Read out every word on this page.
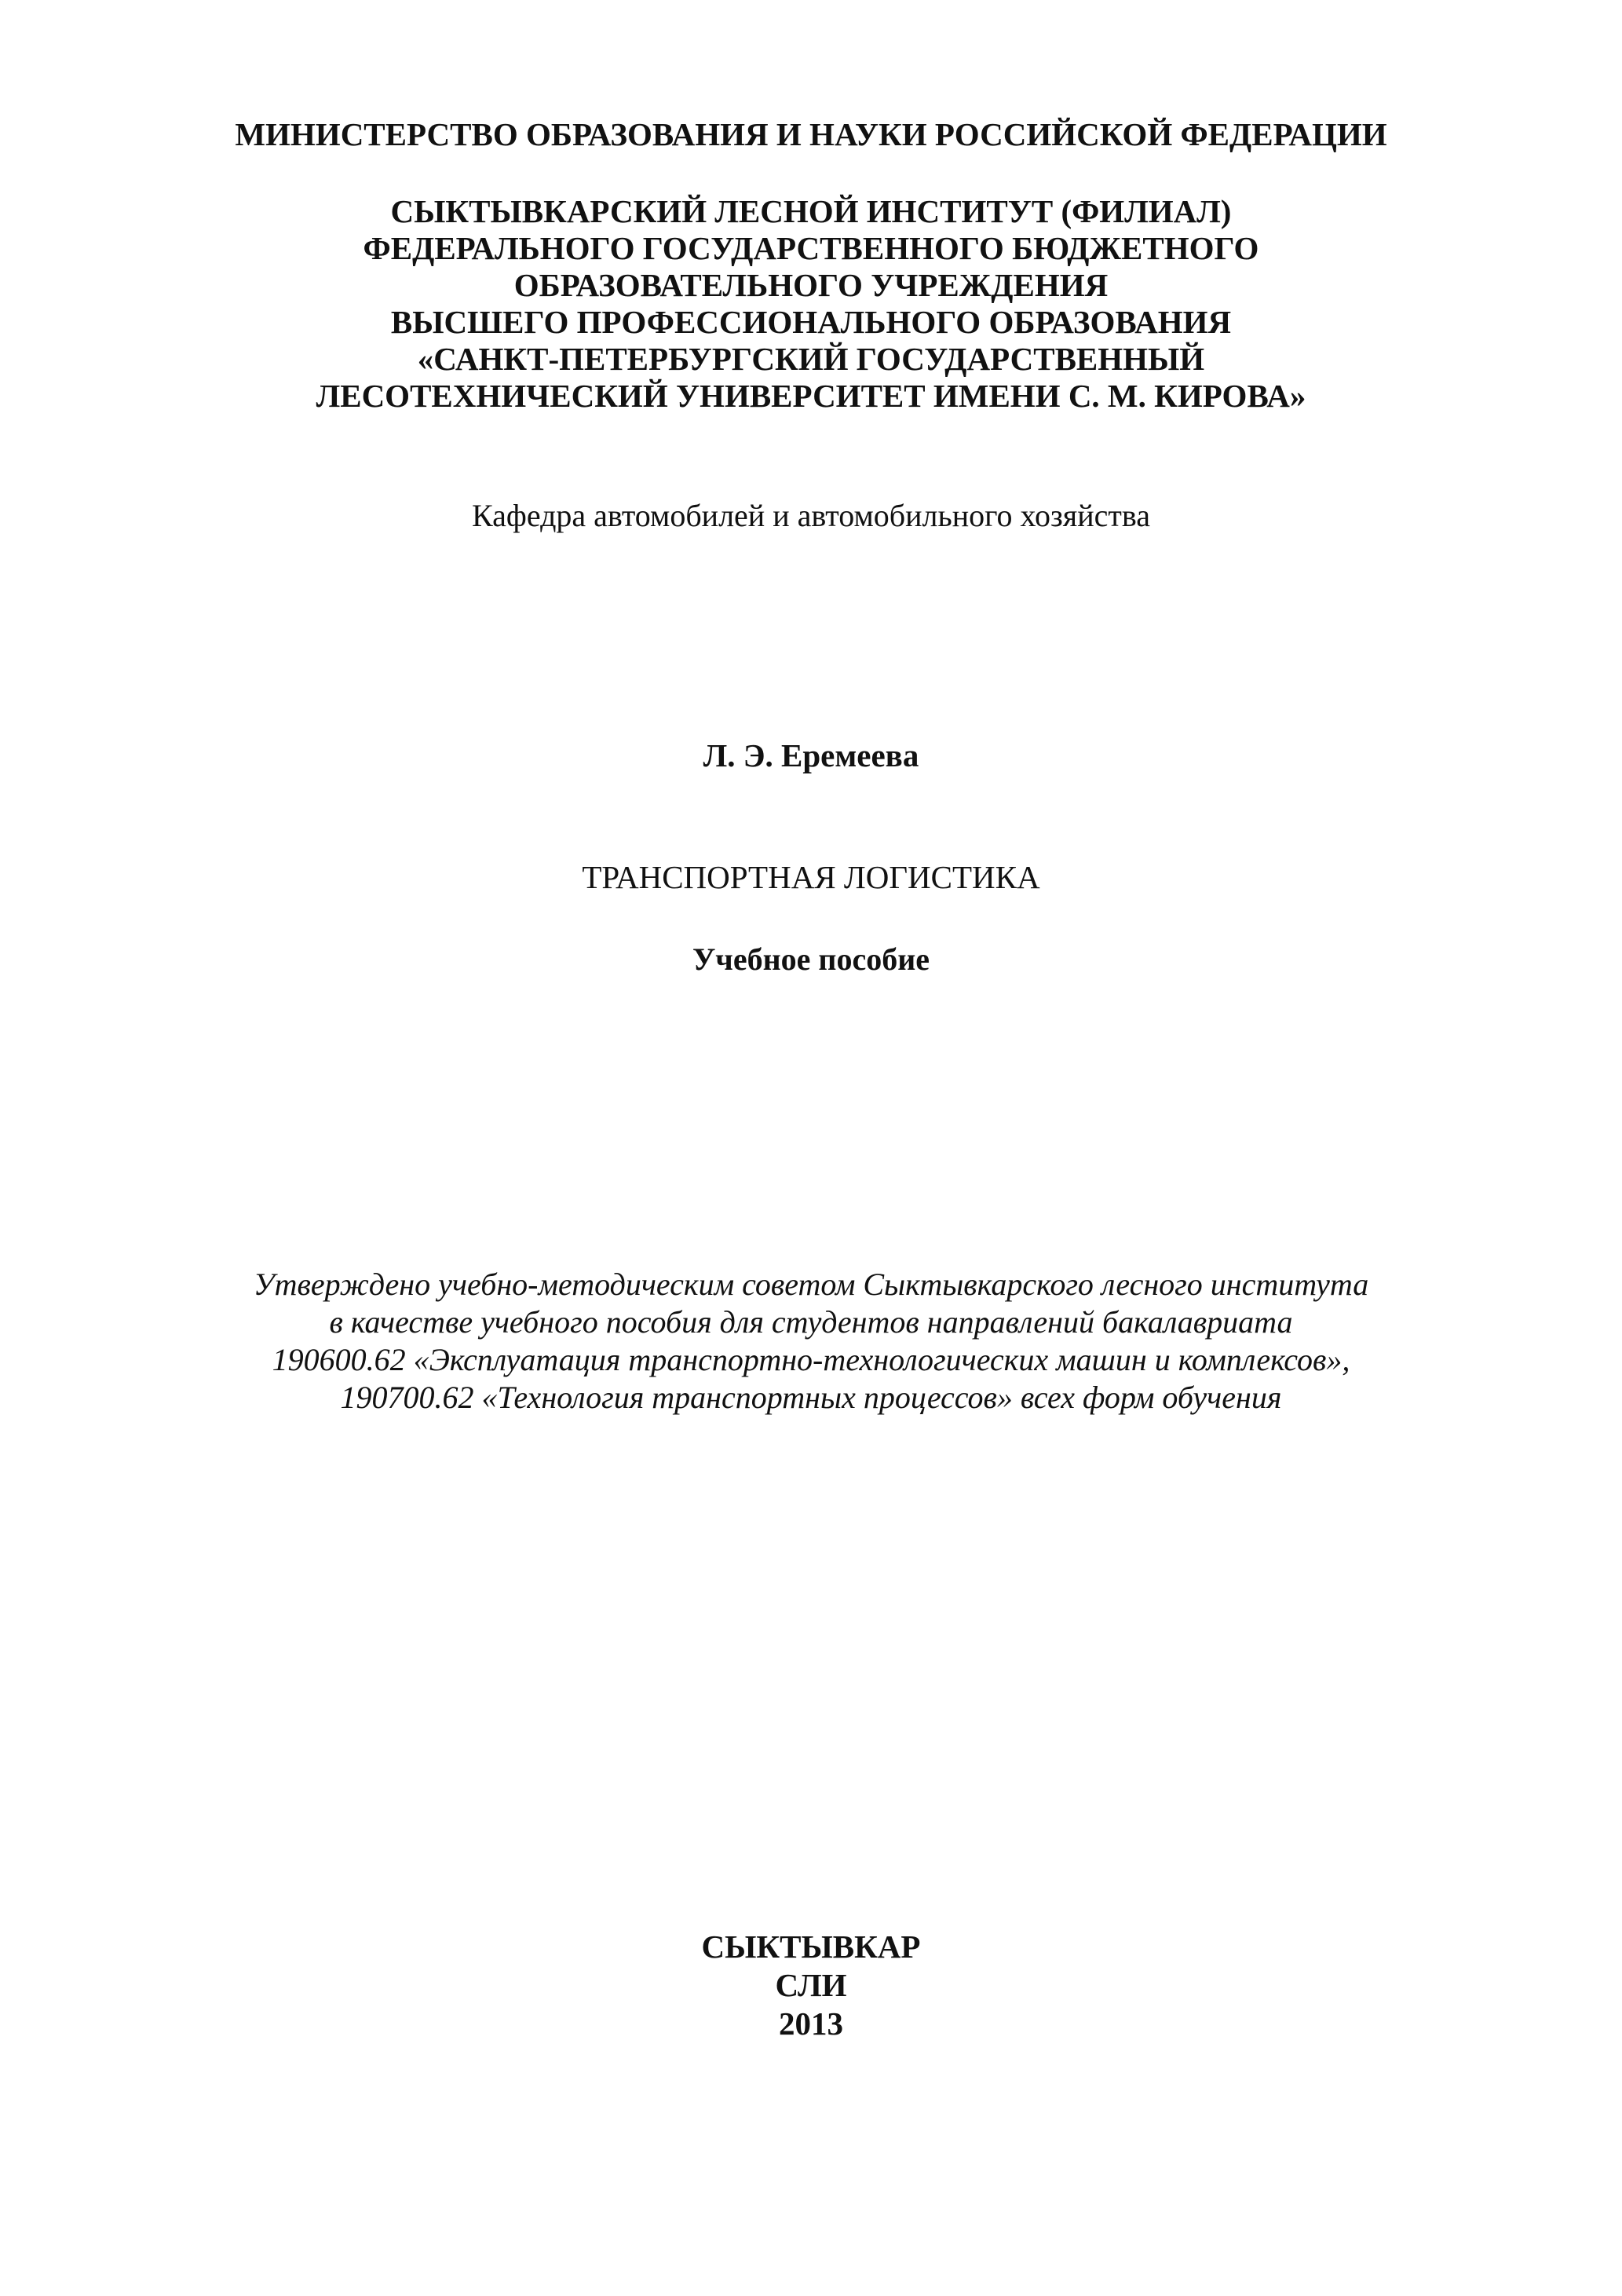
МИНИСТЕРСТВО ОБРАЗОВАНИЯ И НАУКИ РОССИЙСКОЙ ФЕДЕРАЦИИ
СЫКТЫВКАРСКИЙ ЛЕСНОЙ ИНСТИТУТ (ФИЛИАЛ)
ФЕДЕРАЛЬНОГО ГОСУДАРСТВЕННОГО БЮДЖЕТНОГО
ОБРАЗОВАТЕЛЬНОГО УЧРЕЖДЕНИЯ
ВЫСШЕГО ПРОФЕССИОНАЛЬНОГО ОБРАЗОВАНИЯ
«САНКТ-ПЕТЕРБУРГСКИЙ ГОСУДАРСТВЕННЫЙ
ЛЕСОТЕХНИЧЕСКИЙ УНИВЕРСИТЕТ ИМЕНИ С. М. КИРОВА»
Кафедра автомобилей и автомобильного хозяйства
Л. Э. Еремеева
ТРАНСПОРТНАЯ ЛОГИСТИКА
Учебное пособие
Утверждено учебно-методическим советом Сыктывкарского лесного института
в качестве учебного пособия для студентов направлений бакалавриата
190600.62 «Эксплуатация транспортно-технологических машин и комплексов»,
190700.62 «Технология транспортных процессов» всех форм обучения
СЫКТЫВКАР
СЛИ
2013
